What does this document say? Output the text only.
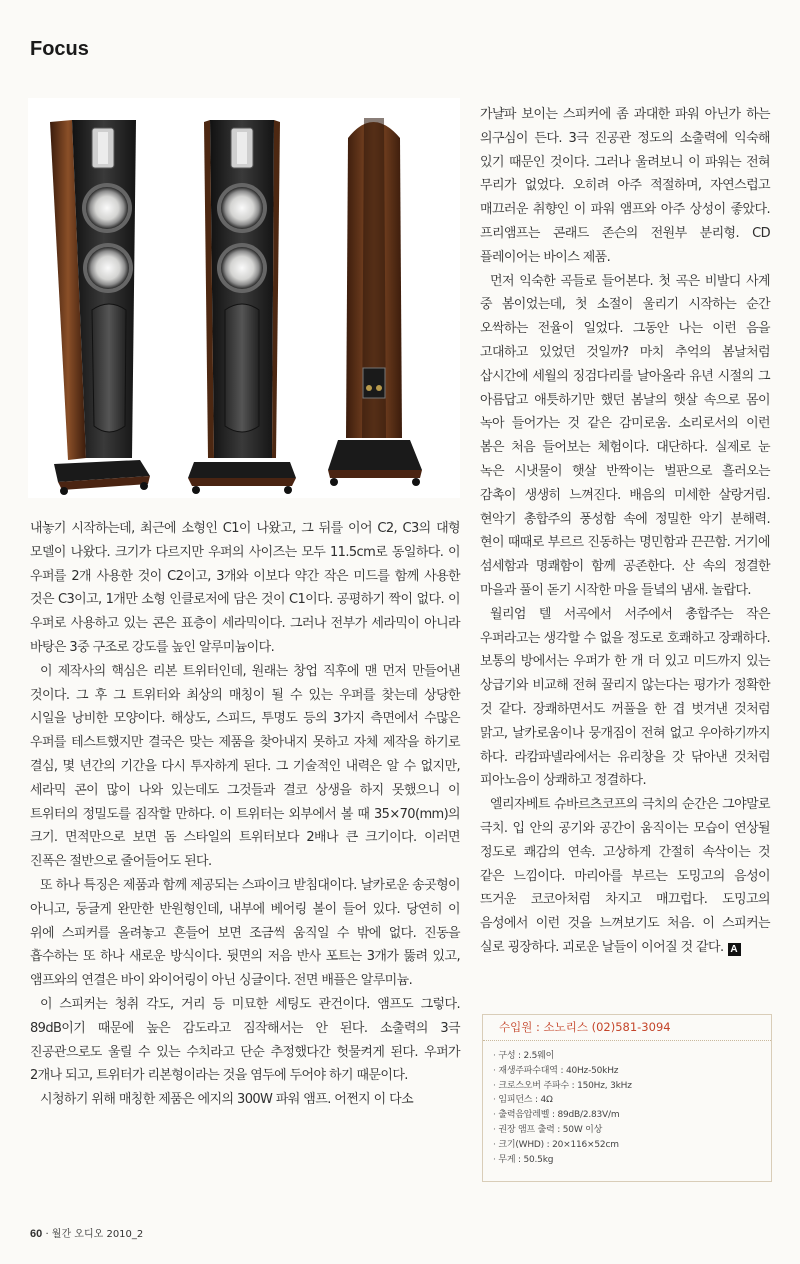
Focus

내놓기 시작하는데, 최근에 소형인 C1이 나왔고, 그 뒤를 이어 C2, C3의 대형 모델이 나왔다. 크기가 다르지만 우퍼의 사이즈는 모두 11.5cm로 동일하다. 이 우퍼를 2개 사용한 것이 C2이고, 3개와 이보다 약간 작은 미드를 함께 사용한 것은 C3이고, 1개만 소형 인클로저에 담은 것이 C1이다. 공평하기 짝이 없다. 이 우퍼로 사용하고 있는 콘은 표층이 세라믹이다. 그러나 전부가 세라믹이 아니라 바탕은 3중 구조로 강도를 높인 알루미늄이다.

이 제작사의 핵심은 리본 트위터인데, 원래는 창업 직후에 맨 먼저 만들어낸 것이다. 그 후 그 트위터와 최상의 매칭이 될 수 있는 우퍼를 찾는데 상당한 시일을 낭비한 모양이다. 해상도, 스피드, 투명도 등의 3가지 측면에서 수많은 우퍼를 테스트했지만 결국은 맞는 제품을 찾아내지 못하고 자체 제작을 하기로 결심, 몇 년간의 기간을 다시 투자하게 된다. 그 기술적인 내력은 알 수 없지만, 세라믹 콘이 많이 나와 있는데도 그것들과 결코 상생을 하지 못했으니 이 트위터의 정밀도를 짐작할 만하다. 이 트위터는 외부에서 볼 때 35×70(mm)의 크기. 면적만으로 보면 돔 스타일의 트위터보다 2배나 큰 크기이다. 이러면 진폭은 절반으로 줄어들어도 된다.

또 하나 특징은 제품과 함께 제공되는 스파이크 받침대이다. 날카로운 송곳형이 아니고, 둥글게 완만한 반원형인데, 내부에 베어링 볼이 들어 있다. 당연히 이 위에 스피커를 올려놓고 흔들어 보면 조금씩 움직일 수 밖에 없다. 진동을 흡수하는 또 하나 새로운 방식이다. 뒷면의 저음 반사 포트는 3개가 뚫려 있고, 앰프와의 연결은 바이 와이어링이 아닌 싱글이다. 전면 배플은 알루미늄.

이 스피커는 청취 각도, 거리 등 미묘한 세팅도 관건이다. 앰프도 그렇다. 89dB이기 때문에 높은 감도라고 짐작해서는 안 된다. 소출력의 3극 진공관으로도 울릴 수 있는 수치라고 단순 추정했다간 헛물켜게 된다. 우퍼가 2개나 되고, 트위터가 리본형이라는 것을 염두에 두어야 하기 때문이다.

시청하기 위해 매칭한 제품은 에지의 300W 파워 앰프. 어쩐지 이 다소

가냘파 보이는 스피커에 좀 과대한 파워 아닌가 하는 의구심이 든다. 3극 진공관 정도의 소출력에 익숙해 있기 때문인 것이다. 그러나 울려보니 이 파워는 전혀 무리가 없었다. 오히려 아주 적절하며, 자연스럽고 매끄러운 취향인 이 파워 앰프와 아주 상성이 좋았다. 프리앰프는 콘래드 존슨의 전원부 분리형. CD 플레이어는 바이스 제품.

먼저 익숙한 곡들로 들어본다. 첫 곡은 비발디 사계 중 봄이었는데, 첫 소절이 울리기 시작하는 순간 오싹하는 전율이 일었다. 그동안 나는 이런 음을 고대하고 있었던 것일까? 마치 추억의 봄날처럼 삽시간에 세월의 징검다리를 날아올라 유년 시절의 그 아름답고 애틋하기만 했던 봄날의 햇살 속으로 몸이 녹아 들어가는 것 같은 감미로움. 소리로서의 이런 봄은 처음 들어보는 체험이다. 대단하다. 실제로 눈 녹은 시냇물이 햇살 반짝이는 벌판으로 흘러오는 감촉이 생생히 느껴진다. 배음의 미세한 살랑거림. 현악기 총합주의 풍성함 속에 정밀한 악기 분해력. 현이 때때로 부르르 진동하는 명민함과 끈끈함. 거기에 섬세함과 명쾌함이 함께 공존한다. 산 속의 정결한 마을과 풀이 돋기 시작한 마을 들녘의 냄새. 놀랍다.

월리엄 텔 서곡에서 서주에서 총합주는 작은 우퍼라고는 생각할 수 없을 정도로 호쾌하고 장쾌하다. 보통의 방에서는 우퍼가 한 개 더 있고 미드까지 있는 상급기와 비교해 전혀 꿀리지 않는다는 평가가 정확한 것 같다. 장쾌하면서도 꺼풀을 한 겹 벗겨낸 것처럼 맑고, 날카로움이나 뭉개짐이 전혀 없고 우아하기까지 하다. 라캄파넬라에서는 유리창을 갓 닦아낸 것처럼 피아노음이 상쾌하고 정결하다.

엘리자베트 슈바르츠코프의 극치의 순간은 그야말로 극치. 입 안의 공기와 공간이 움직이는 모습이 연상될 정도로 쾌감의 연속. 고상하게 간절히 속삭이는 것 같은 느낌이다. 마리아를 부르는 도밍고의 음성이 뜨거운 코코아처럼 차지고 매끄럽다. 도밍고의 음성에서 이런 것을 느껴보기도 처음. 이 스피커는 실로 굉장하다. 괴로운 날들이 이어질 것 같다. A

수입원 : 소노리스 (02)581-3094
· 구성 : 2.5웨이
· 재생주파수대역 : 40Hz-50kHz
· 크로스오버 주파수 : 150Hz, 3kHz
· 임피던스 : 4Ω
· 출력음압레벨 : 89dB/2.83V/m
· 권장 앰프 출력 : 50W 이상
· 크기(WHD) : 20×116×52cm
· 무게 : 50.5kg
60 · 월간 오디오 2010_2
